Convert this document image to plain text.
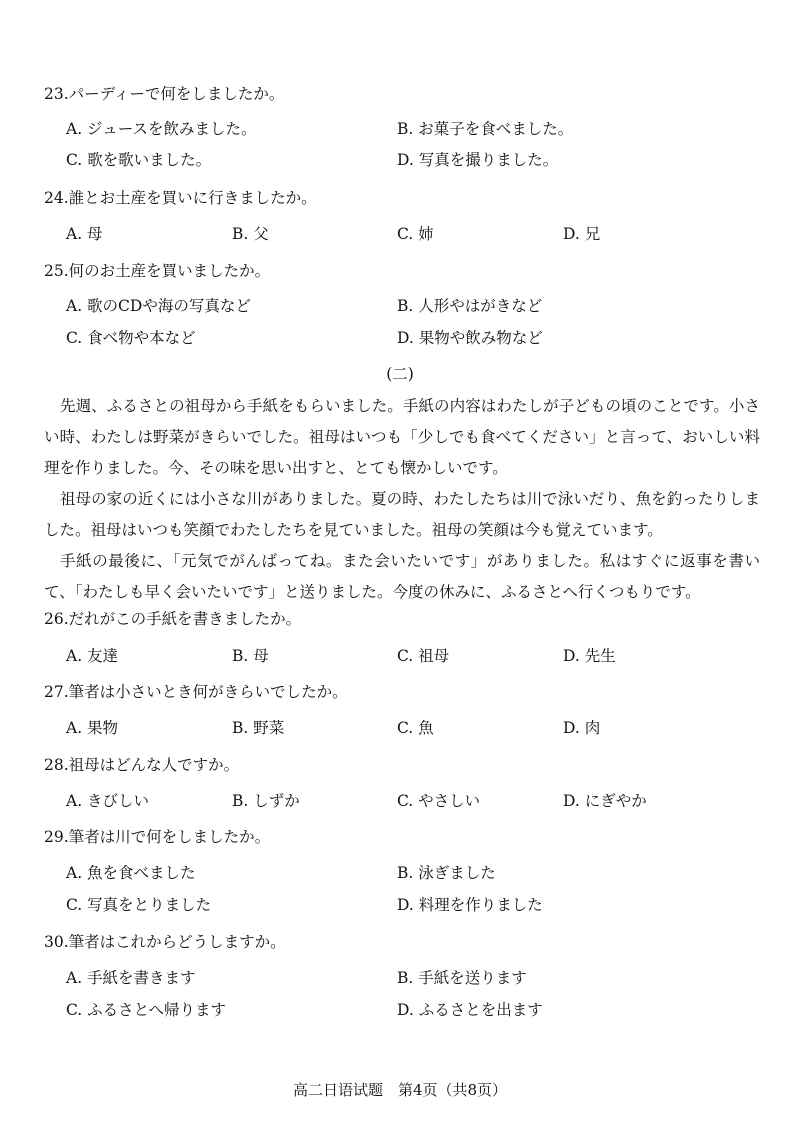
23.パーディーで何をしましたか。
A. ジュースを飲みました。	B. お菓子を食べました。
C. 歌を歌いました。	D. 写真を撮りました。
24.誰とお土産を買いに行きましたか。
A. 母	B. 父	C. 姉	D. 兄
25.何のお土産を買いましたか。
A. 歌のCDや海の写真など	B. 人形やはがきなど
C. 食べ物や本など	D. 果物や飲み物など
(二)

先週、ふるさとの祖母から手紙をもらいました。手紙の内容はわたしが子どもの頃のことです。小さい時、わたしは野菜がきらいでした。祖母はいつも「少しでも食べてください」と言って、おいしい料理を作りました。今、その味を思い出すと、とても懐かしいです。

祖母の家の近くには小さな川がありました。夏の時、わたしたちは川で泳いだり、魚を釣ったりしました。祖母はいつも笑顔でわたしたちを見ていました。祖母の笑顔は今も覚えています。

手紙の最後に、「元気でがんばってね。また会いたいです」がありました。私はすぐに返事を書いて、「わたしも早く会いたいです」と送りました。今度の休みに、ふるさとへ行くつもりです。

26.だれがこの手紙を書きましたか。
A. 友達	B. 母	C. 祖母	D. 先生
27.筆者は小さいとき何がきらいでしたか。
A. 果物	B. 野菜	C. 魚	D. 肉
28.祖母はどんな人ですか。
A. きびしい	B. しずか	C. やさしい	D. にぎやか
29.筆者は川で何をしましたか。
A. 魚を食べました	B. 泳ぎました
C. 写真をとりました	D. 料理を作りました
30.筆者はこれからどうしますか。
A. 手紙を書きます	B. 手紙を送ります
C. ふるさとへ帰ります	D. ふるさとを出ます
高二日语试题　第4页（共8页）
